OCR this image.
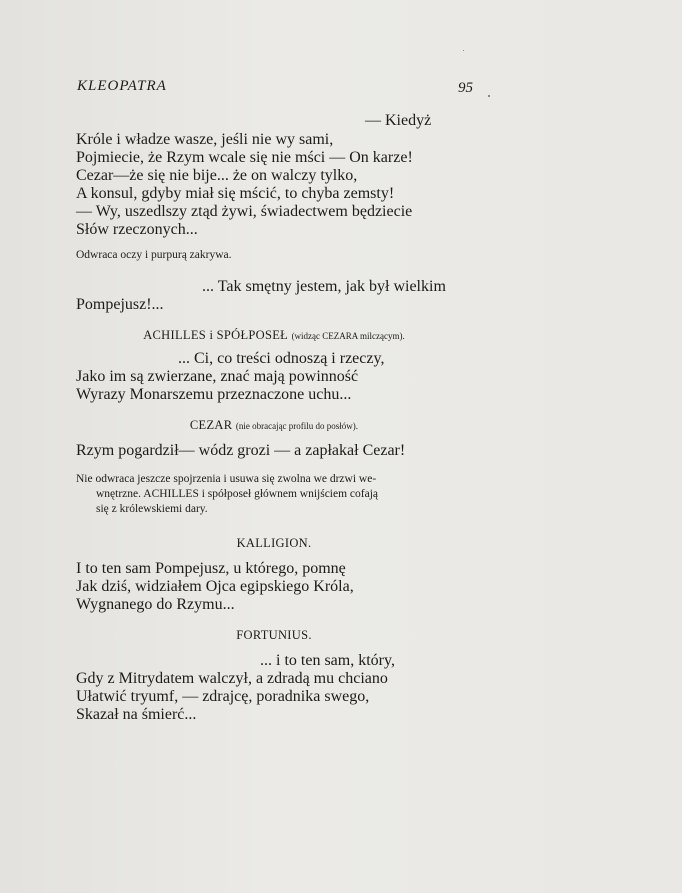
KLEOPATRA	95
— Kiedyż
Króle i władze wasze, jeśli nie wy sami,
Pojmiecie, że Rzym wcale się nie mści — On karze!
Cezar—że się nie bije... że on walczy tylko,
A konsul, gdyby miał się mścić, to chyba zemsty!
— Wy, uszedlszy ztąd żywi, świadectwem będziecie
Słów rzeczonych...
Odwraca oczy i purpurą zakrywa.
... Tak smętny jestem, jak był wielkim
Pompejusz!...
ACHILLES i SPÓŁPOSEŁ (widząc CEZARA milczącym).
... Ci, co treści odnoszą i rzeczy,
Jako im są zwierzane, znać mają powinność
Wyrazy Monarszemu przeznaczone uchu...
CEZAR (nie obracając profilu do posłów).
Rzym pogardził— wódz grozi — a zapłakał Cezar!
Nie odwraca jeszcze spojrzenia i usuwa się zwolna we drzwi we-
wnętrzne. ACHILLES i spółposeł głównem wnijściem cofają
się z królewskiemi dary.
KALLIGION.
I to ten sam Pompejusz, u którego, pomnę
Jak dziś, widziałem Ojca egipskiego Króla,
Wygnanego do Rzymu...
FORTUNIUS.
... i to ten sam, który,
Gdy z Mitrydatem walczył, a zdradą mu chciano
Ułatwić tryumf, — zdrajcę, poradnika swego,
Skazał na śmierć...
